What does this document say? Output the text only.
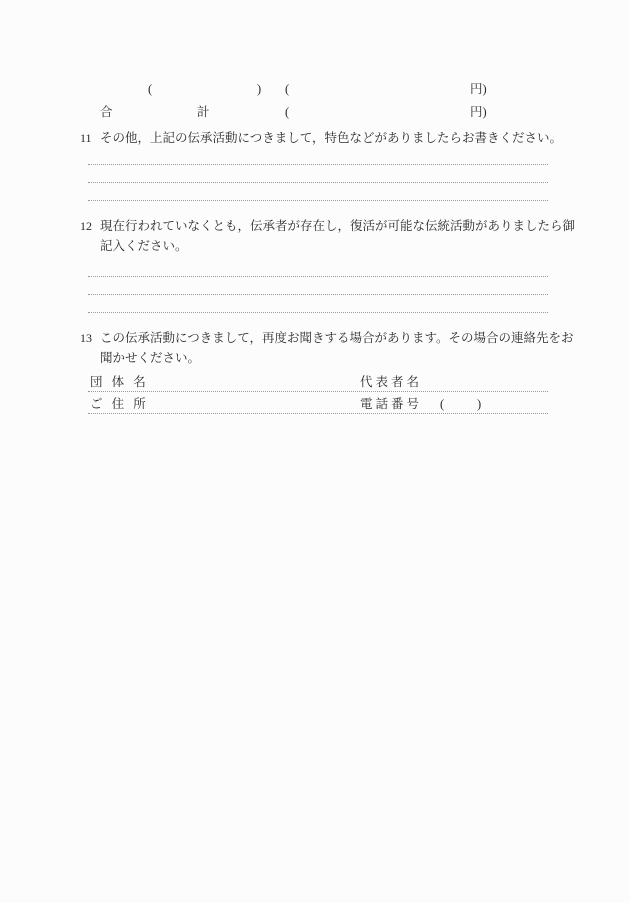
(	) (	円)
合	計	(	円)
11 その他，上記の伝承活動につきまして，特色などがありましたらお書きください。
12 現在行われていなくとも，伝承者が存在し，復活が可能な伝統活動がありましたら御
記入ください。
13 この伝承活動につきまして，再度お聞きする場合があります。その場合の連絡先をお
聞かせください。
団 体 名	代表者名
ご 住 所	電話番号 (	)
